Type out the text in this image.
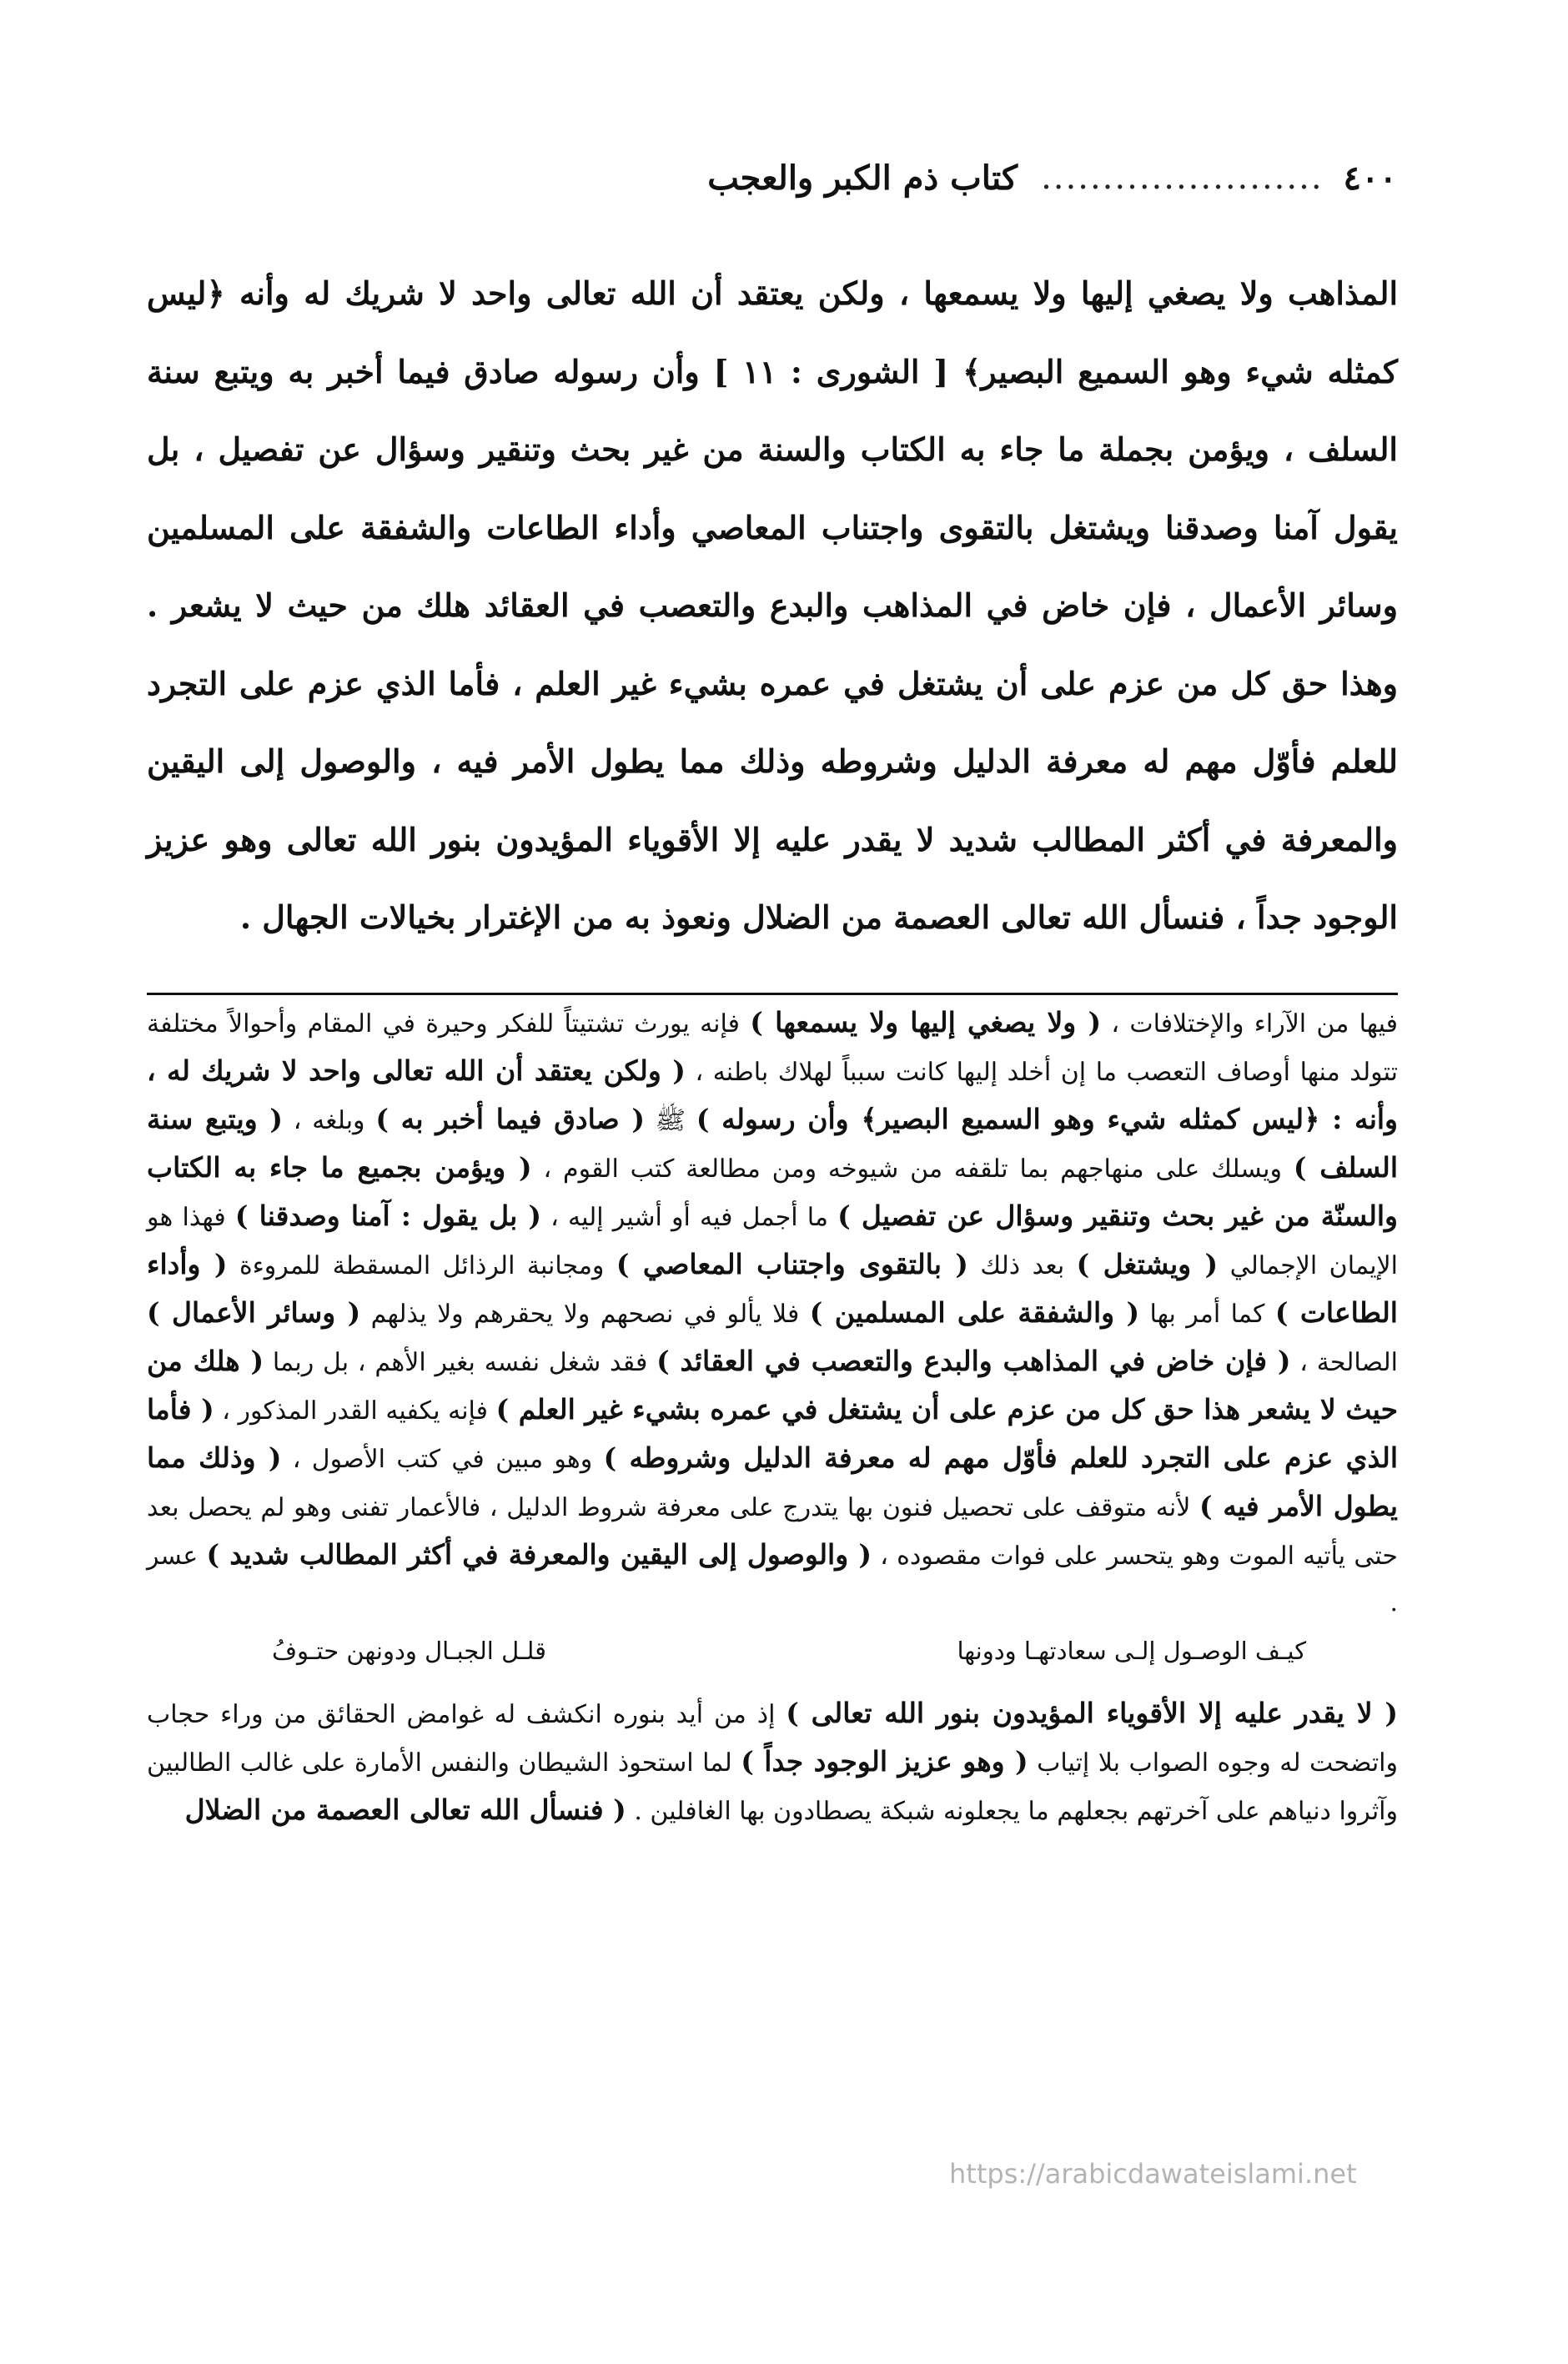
٤٠٠
.......................
كتاب ذم الكبر والعجب

المذاهب ولا يصغي إليها ولا يسمعها ، ولكن يعتقد أن الله تعالى واحد لا شريك له وأنه ﴿ليس كمثله شيء وهو السميع البصير﴾ [ الشورى : ١١ ] وأن رسوله صادق فيما أخبر به ويتبع سنة السلف ، ويؤمن بجملة ما جاء به الكتاب والسنة من غير بحث وتنقير وسؤال عن تفصيل ، بل يقول آمنا وصدقنا ويشتغل بالتقوى واجتناب المعاصي وأداء الطاعات والشفقة على المسلمين وسائر الأعمال ، فإن خاض في المذاهب والبدع والتعصب في العقائد هلك من حيث لا يشعر . وهذا حق كل من عزم على أن يشتغل في عمره بشيء غير العلم ، فأما الذي عزم على التجرد للعلم فأوّل مهم له معرفة الدليل وشروطه وذلك مما يطول الأمر فيه ، والوصول إلى اليقين والمعرفة في أكثر المطالب شديد لا يقدر عليه إلا الأقوياء المؤيدون بنور الله تعالى وهو عزيز الوجود جداً ، فنسأل الله تعالى العصمة من الضلال ونعوذ به من الإغترار بخيالات الجهال .

فيها من الآراء والإختلافات ، ( ولا يصغي إليها ولا يسمعها ) فإنه يورث تشتيتاً للفكر وحيرة في المقام وأحوالاً مختلفة تتولد منها أوصاف التعصب ما إن أخلد إليها كانت سبباً لهلاك باطنه ، ( ولكن يعتقد أن الله تعالى واحد لا شريك له ، وأنه : ﴿ليس كمثله شيء وهو السميع البصير﴾ وأن رسوله ) ﷺ ( صادق فيما أخبر به ) وبلغه ، ( ويتبع سنة السلف ) ويسلك على منهاجهم بما تلقفه من شيوخه ومن مطالعة كتب القوم ، ( ويؤمن بجميع ما جاء به الكتاب والسنّة من غير بحث وتنقير وسؤال عن تفصيل ) ما أجمل فيه أو أشير إليه ، ( بل يقول : آمنا وصدقنا ) فهذا هو الإيمان الإجمالي ( ويشتغل ) بعد ذلك ( بالتقوى واجتناب المعاصي ) ومجانبة الرذائل المسقطة للمروءة ( وأداء الطاعات ) كما أمر بها ( والشفقة على المسلمين ) فلا يألو في نصحهم ولا يحقرهم ولا يذلهم ( وسائر الأعمال ) الصالحة ، ( فإن خاض في المذاهب والبدع والتعصب في العقائد ) فقد شغل نفسه بغير الأهم ، بل ربما ( هلك من حيث لا يشعر هذا حق كل من عزم على أن يشتغل في عمره بشيء غير العلم ) فإنه يكفيه القدر المذكور ، ( فأما الذي عزم على التجرد للعلم فأوّل مهم له معرفة الدليل وشروطه ) وهو مبين في كتب الأصول ، ( وذلك مما يطول الأمر فيه ) لأنه متوقف على تحصيل فنون بها يتدرج على معرفة شروط الدليل ، فالأعمار تفنى وهو لم يحصل بعد حتى يأتيه الموت وهو يتحسر على فوات مقصوده ، ( والوصول إلى اليقين والمعرفة في أكثر المطالب شديد ) عسر .

كيـف الوصـول إلـى سعادتهـا ودونها
قلـل الجبـال ودونهن حتـوفُ

( لا يقدر عليه إلا الأقوياء المؤيدون بنور الله تعالى ) إذ من أيد بنوره انكشف له غوامض الحقائق من وراء حجاب واتضحت له وجوه الصواب بلا إتياب ( وهو عزيز الوجود جداً ) لما استحوذ الشيطان والنفس الأمارة على غالب الطالبين وآثروا دنياهم على آخرتهم بجعلهم ما يجعلونه شبكة يصطادون بها الغافلين . ( فنسأل الله تعالى العصمة من الضلال

https://arabicdawateislami.net
